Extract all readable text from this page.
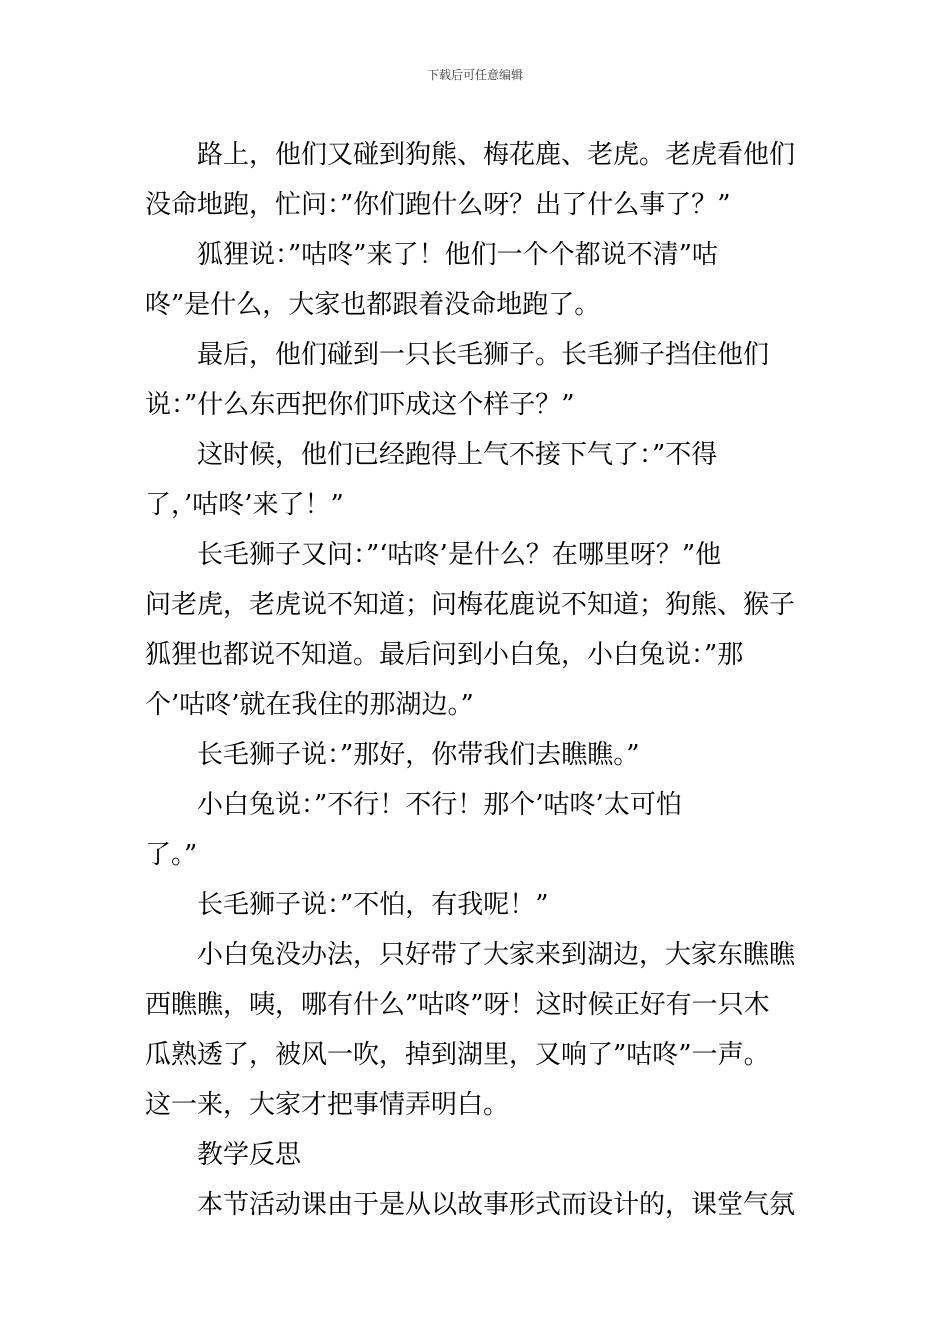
下载后可任意编辑

路上，他们又碰到狗熊、梅花鹿、老虎。老虎看他们
没命地跑，忙问：”你们跑什么呀？出了什么事了？”

狐狸说：”咕咚”来了！他们一个个都说不清”咕
咚”是什么，大家也都跟着没命地跑了。

最后，他们碰到一只长毛狮子。长毛狮子挡住他们
说：”什么东西把你们吓成这个样子？”

这时候，他们已经跑得上气不接下气了：”不得
了，’咕咚’来了！”

长毛狮子又问：”‘咕咚’是什么？在哪里呀？”他
问老虎，老虎说不知道；问梅花鹿说不知道；狗熊、猴子
狐狸也都说不知道。最后问到小白兔，小白兔说：”那
个’咕咚’就在我住的那湖边。”

长毛狮子说：”那好，你带我们去瞧瞧。”

小白兔说：”不行！不行！那个’咕咚’太可怕
了。”

长毛狮子说：”不怕，有我呢！”

小白兔没办法，只好带了大家来到湖边，大家东瞧瞧
西瞧瞧，咦，哪有什么”咕咚”呀！这时候正好有一只木
瓜熟透了，被风一吹，掉到湖里，又响了”咕咚”一声。
这一来，大家才把事情弄明白。

教学反思

本节活动课由于是从以故事形式而设计的，课堂气氛
